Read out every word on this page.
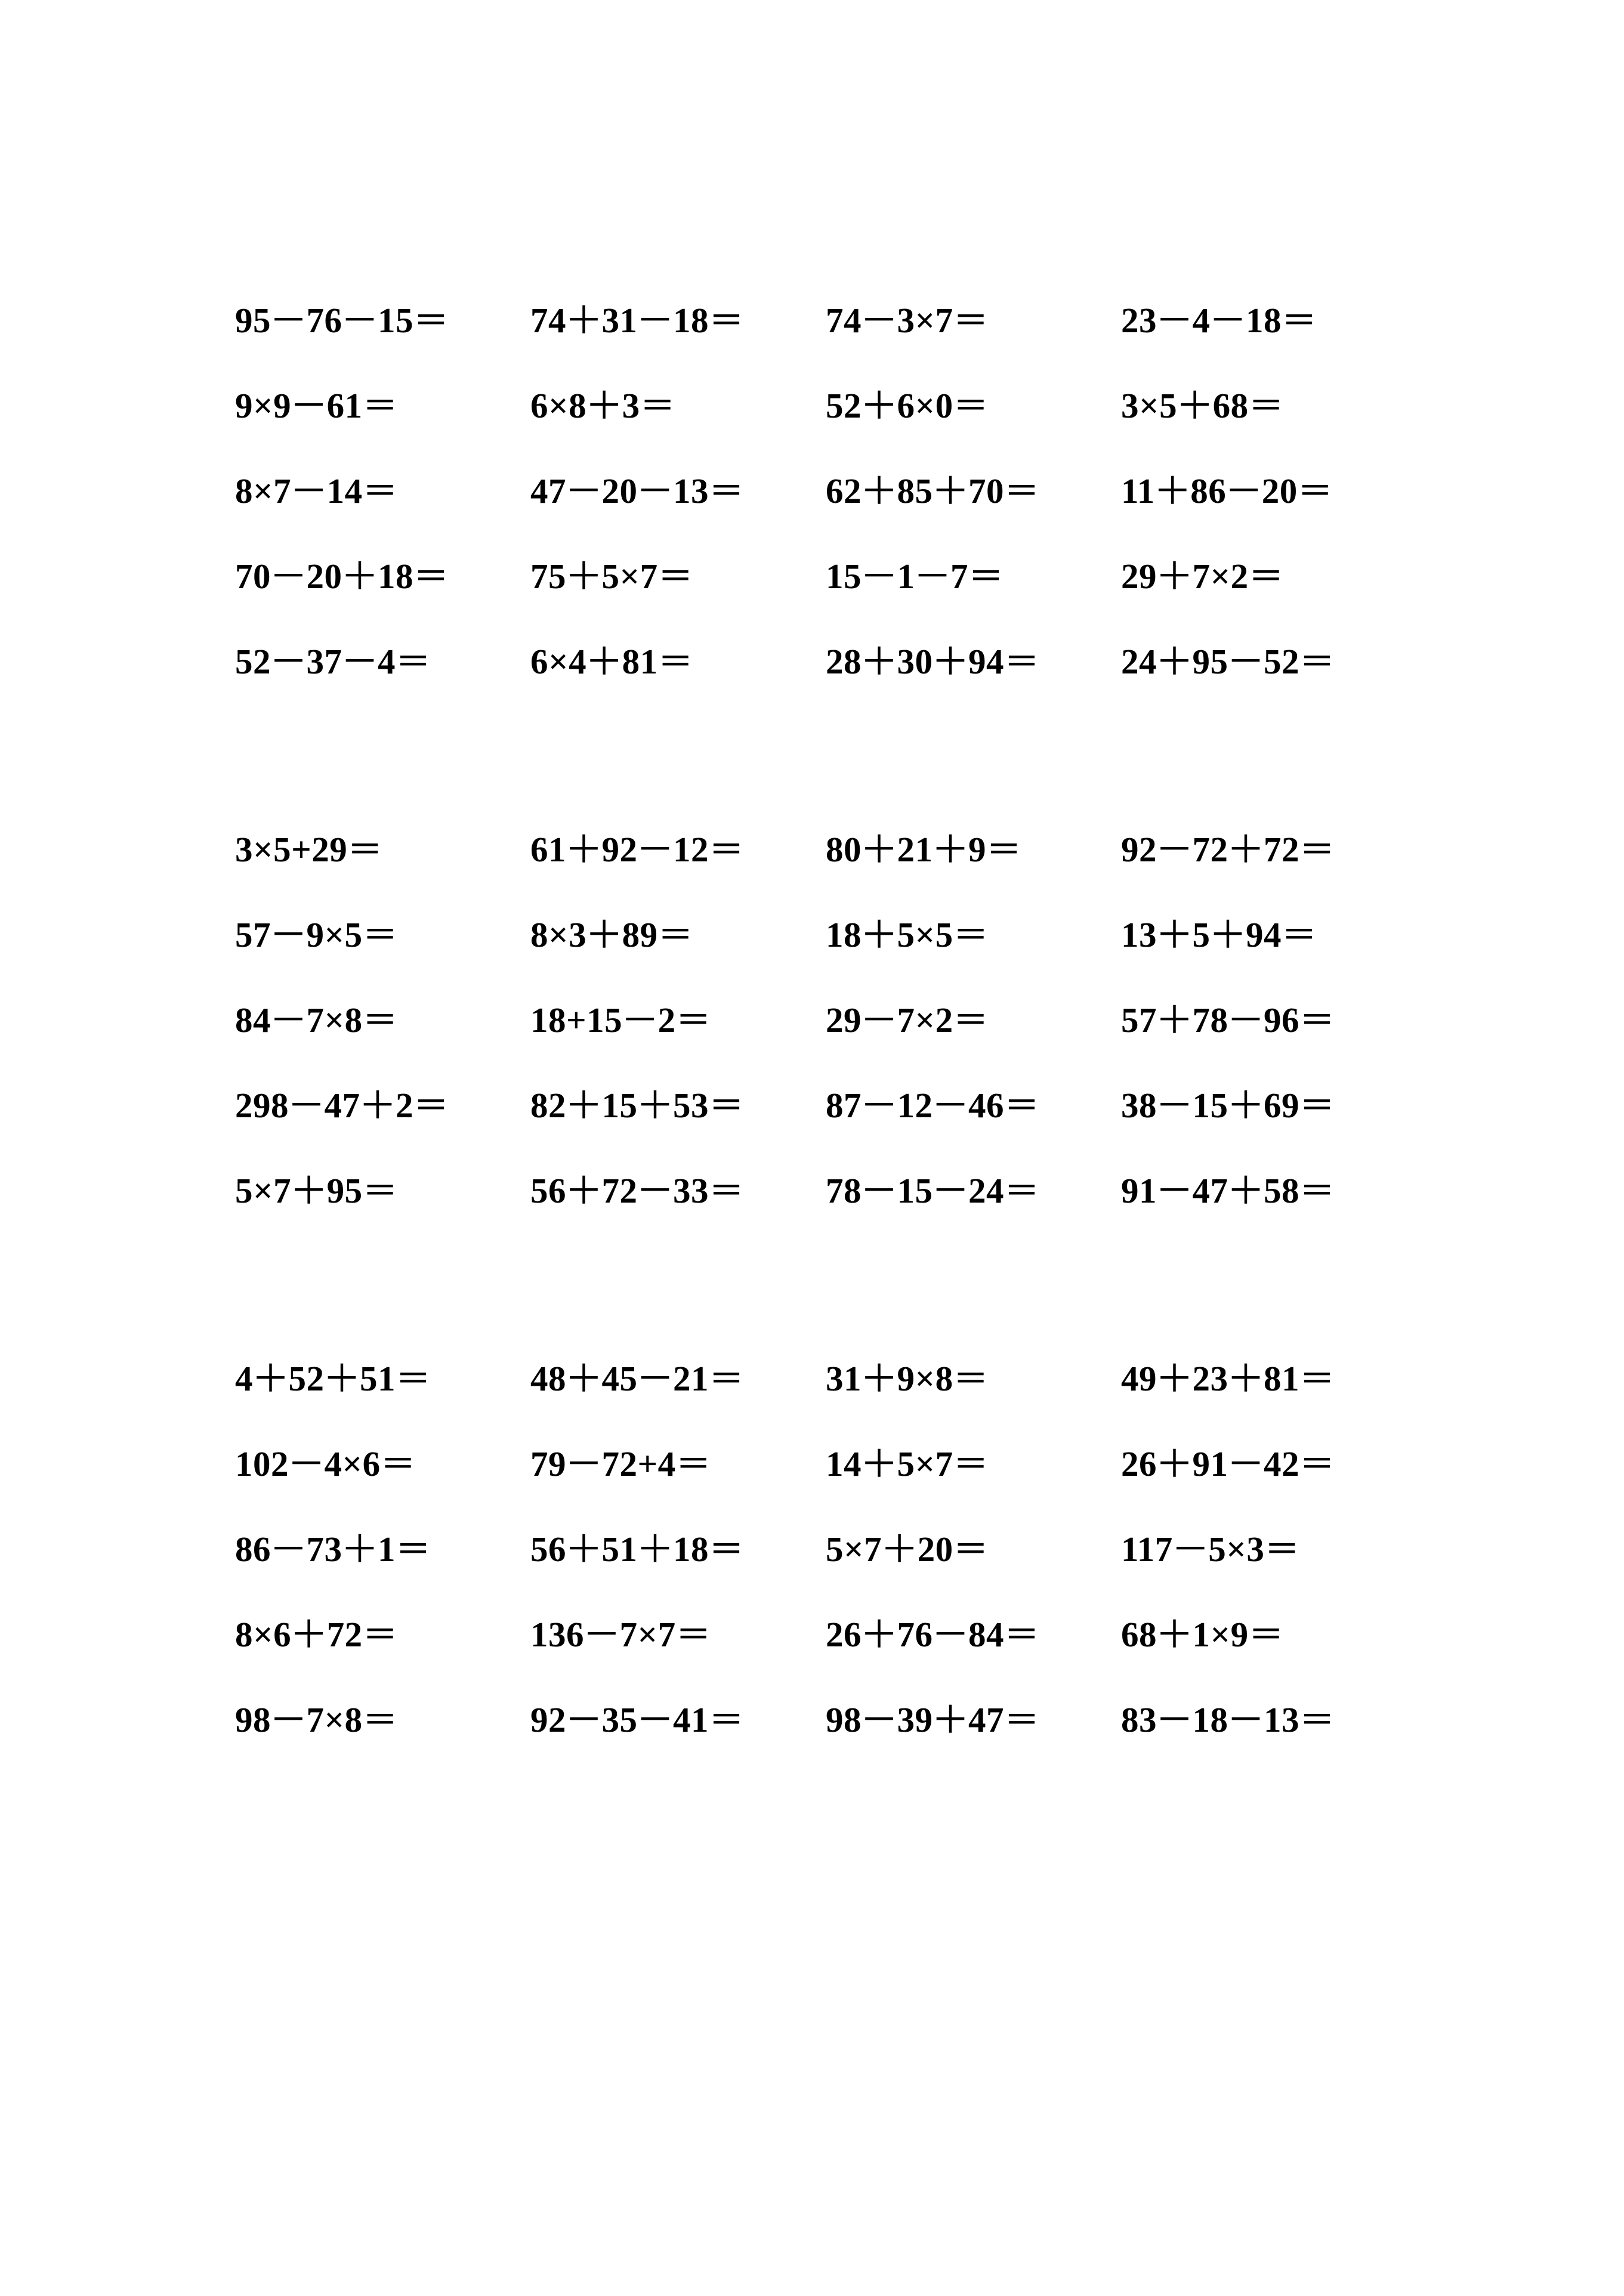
95－76－15＝	74＋31－18＝	74－3×7＝	23－4－18＝
9×9－61＝	6×8＋3＝	52＋6×0＝	3×5＋68＝
8×7－14＝	47－20－13＝	62＋85＋70＝	11＋86－20＝
70－20＋18＝	75＋5×7＝	15－1－7＝	29＋7×2＝
52－37－4＝	6×4＋81＝	28＋30＋94＝	24＋95－52＝
3×5+29＝	61＋92－12＝	80＋21＋9＝	92－72＋72＝
57－9×5＝	8×3＋89＝	18＋5×5＝	13＋5＋94＝
84－7×8＝	18+15－2＝	29－7×2＝	57＋78－96＝
298－47＋2＝	82＋15＋53＝	87－12－46＝	38－15＋69＝
5×7＋95＝	56＋72－33＝	78－15－24＝	91－47＋58＝
4＋52＋51＝	48＋45－21＝	31＋9×8＝	49＋23＋81＝
102－4×6＝	79－72+4＝	14＋5×7＝	26＋91－42＝
86－73＋1＝	56＋51＋18＝	5×7＋20＝	117－5×3＝
8×6＋72＝	136－7×7＝	26＋76－84＝	68＋1×9＝
98－7×8＝	92－35－41＝	98－39＋47＝	83－18－13＝
